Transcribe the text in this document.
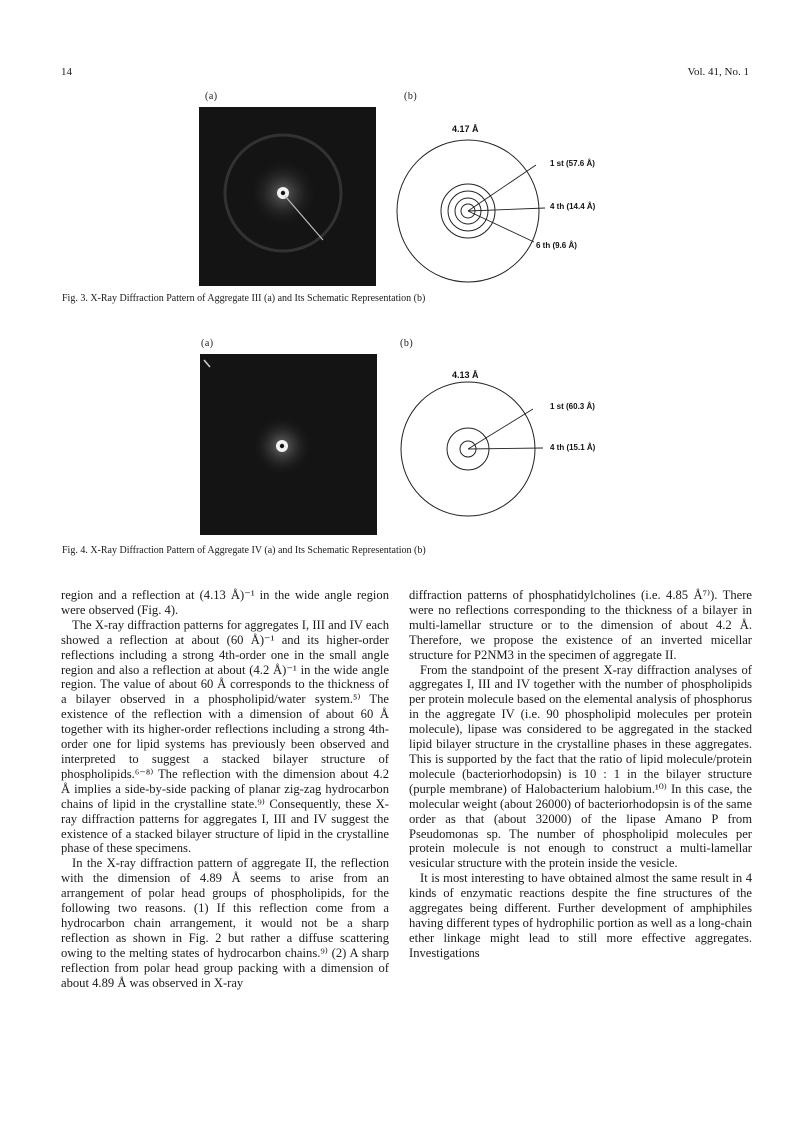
14	Vol. 41, No. 1
(a)	(b)
4.17 Å
1 st (57.6 Å)
4 th (14.4 Å)
6 th (9.6 Å)
Fig. 3. X-Ray Diffraction Pattern of Aggregate III (a) and Its Schematic Representation (b)
(a)	(b)
4.13 Å
1 st (60.3 Å)
4 th (15.1 Å)
Fig. 4. X-Ray Diffraction Pattern of Aggregate IV (a) and Its Schematic Representation (b)

region and a reflection at (4.13 Å)⁻¹ in the wide angle region were observed (Fig. 4).

The X-ray diffraction patterns for aggregates I, III and IV each showed a reflection at about (60 Å)⁻¹ and its higher-order reflections including a strong 4th-order one in the small angle region and also a reflection at about (4.2 Å)⁻¹ in the wide angle region. The value of about 60 Å corresponds to the thickness of a bilayer observed in a phospholipid/water system.⁵⁾ The existence of the reflection with a dimension of about 60 Å together with its higher-order reflections including a strong 4th-order one for lipid systems has previously been observed and interpreted to suggest a stacked bilayer structure of phospholipids.⁶⁻⁸⁾ The reflection with the dimension about 4.2 Å implies a side-by-side packing of planar zig-zag hydrocarbon chains of lipid in the crystalline state.⁹⁾ Consequently, these X-ray diffraction patterns for aggregates I, III and IV suggest the existence of a stacked bilayer structure of lipid in the crystalline phase of these specimens.

In the X-ray diffraction pattern of aggregate II, the reflection with the dimension of 4.89 Å seems to arise from an arrangement of polar head groups of phospholipids, for the following two reasons. (1) If this reflection come from a hydrocarbon chain arrangement, it would not be a sharp reflection as shown in Fig. 2 but rather a diffuse scattering owing to the melting states of hydrocarbon chains.⁹⁾ (2) A sharp reflection from polar head group packing with a dimension of about 4.89 Å was observed in X-ray

diffraction patterns of phosphatidylcholines (i.e. 4.85 Å⁷⁾). There were no reflections corresponding to the thickness of a bilayer in multi-lamellar structure or to the dimension of about 4.2 Å. Therefore, we propose the existence of an inverted micellar structure for P2NM3 in the specimen of aggregate II.

From the standpoint of the present X-ray diffraction analyses of aggregates I, III and IV together with the number of phospholipids per protein molecule based on the elemental analysis of phosphorus in the aggregate IV (i.e. 90 phospholipid molecules per protein molecule), lipase was considered to be aggregated in the stacked lipid bilayer structure in the crystalline phases in these aggregates. This is supported by the fact that the ratio of lipid molecule/protein molecule (bacteriorhodopsin) is 10 : 1 in the bilayer structure (purple membrane) of Halobacterium halobium.¹⁰⁾ In this case, the molecular weight (about 26000) of bacteriorhodopsin is of the same order as that (about 32000) of the lipase Amano P from Pseudomonas sp. The number of phospholipid molecules per protein molecule is not enough to construct a multi-lamellar vesicular structure with the protein inside the vesicle.

It is most interesting to have obtained almost the same result in 4 kinds of enzymatic reactions despite the fine structures of the aggregates being different. Further development of amphiphiles having different types of hydrophilic portion as well as a long-chain ether linkage might lead to still more effective aggregates. Investigations
